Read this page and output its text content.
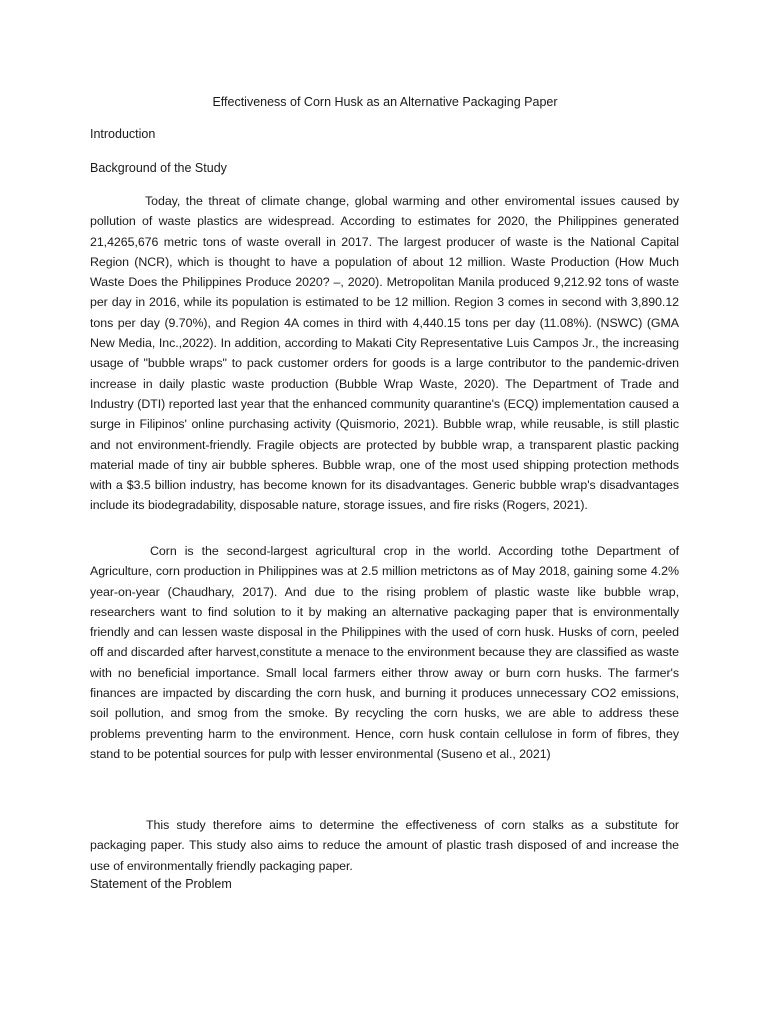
Effectiveness of Corn Husk as an Alternative Packaging Paper
Introduction
Background of the Study

Today, the threat of climate change, global warming and other enviromental issues caused by pollution of waste plastics are widespread. According to estimates for 2020, the Philippines generated 21,4265,676 metric tons of waste overall in 2017. The largest producer of waste is the National Capital Region (NCR), which is thought to have a population of about 12 million. Waste Production (How Much Waste Does the Philippines Produce 2020? –, 2020). Metropolitan Manila produced 9,212.92 tons of waste per day in 2016, while its population is estimated to be 12 million. Region 3 comes in second with 3,890.12 tons per day (9.70%), and Region 4A comes in third with 4,440.15 tons per day (11.08%). (NSWC) (GMA New Media, Inc.,2022). In addition, according to Makati City Representative Luis Campos Jr., the increasing usage of "bubble wraps" to pack customer orders for goods is a large contributor to the pandemic-driven increase in daily plastic waste production (Bubble Wrap Waste, 2020). The Department of Trade and Industry (DTI) reported last year that the enhanced community quarantine's (ECQ) implementation caused a surge in Filipinos' online purchasing activity (Quismorio, 2021). Bubble wrap, while reusable, is still plastic and not environment-friendly. Fragile objects are protected by bubble wrap, a transparent plastic packing material made of tiny air bubble spheres. Bubble wrap, one of the most used shipping protection methods with a $3.5 billion industry, has become known for its disadvantages. Generic bubble wrap's disadvantages include its biodegradability, disposable nature, storage issues, and fire risks (Rogers, 2021).

Corn is the second-largest agricultural crop in the world. According tothe Department of Agriculture, corn production in Philippines was at 2.5 million metrictons as of May 2018, gaining some 4.2% year-on-year (Chaudhary, 2017). And due to the rising problem of plastic waste like bubble wrap, researchers want to find solution to it by making an alternative packaging paper that is environmentally friendly and can lessen waste disposal in the Philippines with the used of corn husk. Husks of corn, peeled off and discarded after harvest,constitute a menace to the environment because they are classified as waste with no beneficial importance. Small local farmers either throw away or burn corn husks. The farmer's finances are impacted by discarding the corn husk, and burning it produces unnecessary CO2 emissions, soil pollution, and smog from the smoke. By recycling the corn husks, we are able to address these problems preventing harm to the environment. Hence, corn husk contain cellulose in form of fibres, they stand to be potential sources for pulp with lesser environmental (Suseno et al., 2021)

This study therefore aims to determine the effectiveness of corn stalks as a substitute for packaging paper. This study also aims to reduce the amount of plastic trash disposed of and increase the use of environmentally friendly packaging paper.

Statement of the Problem
